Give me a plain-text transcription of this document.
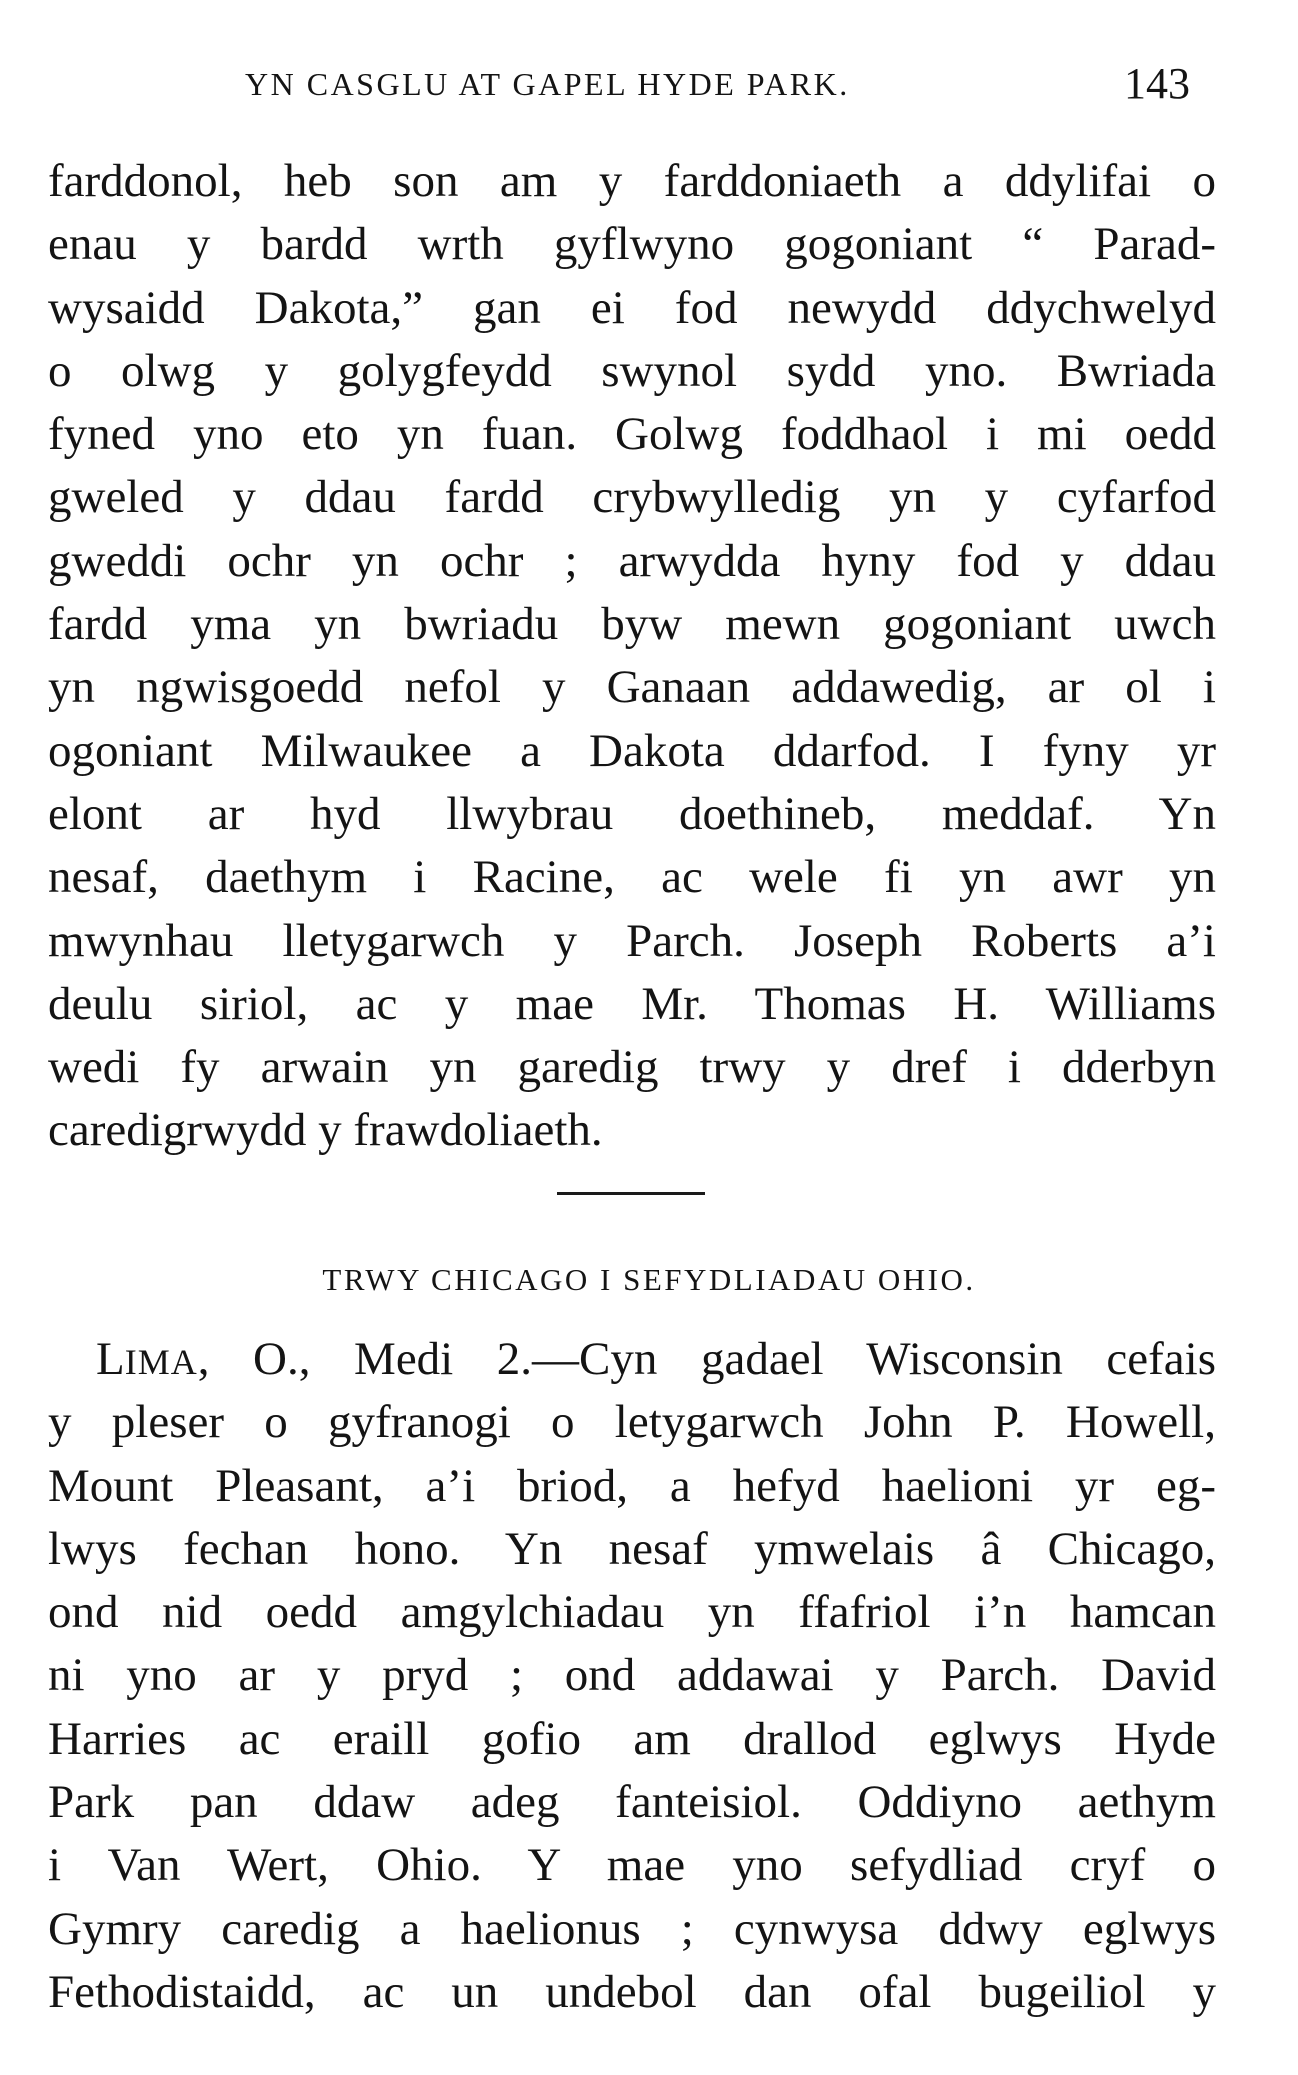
YN CASGLU AT GAPEL HYDE PARK.	143
farddonol, heb son am y farddoniaeth a ddylifai o
enau y bardd wrth gyflwyno gogoniant “ Parad-
wysaidd Dakota,” gan ei fod newydd ddychwelyd
o olwg y golygfeydd swynol sydd yno. Bwriada
fyned yno eto yn fuan. Golwg foddhaol i mi oedd
gweled y ddau fardd crybwylledig yn y cyfarfod
gweddi ochr yn ochr ; arwydda hyny fod y ddau
fardd yma yn bwriadu byw mewn gogoniant uwch
yn ngwisgoedd nefol y Ganaan addawedig, ar ol i
ogoniant Milwaukee a Dakota ddarfod. I fyny yr
elont ar hyd llwybrau doethineb, meddaf. Yn
nesaf, daethym i Racine, ac wele fi yn awr yn
mwynhau lletygarwch y Parch. Joseph Roberts a’i
deulu siriol, ac y mae Mr. Thomas H. Williams
wedi fy arwain yn garedig trwy y dref i dderbyn
caredigrwydd y frawdoliaeth.
TRWY CHICAGO I SEFYDLIADAU OHIO.
LIMA, O., Medi 2.—Cyn gadael Wisconsin cefais
y pleser o gyfranogi o letygarwch John P. Howell,
Mount Pleasant, a’i briod, a hefyd haelioni yr eg-
lwys fechan hono. Yn nesaf ymwelais â Chicago,
ond nid oedd amgylchiadau yn ffafriol i’n hamcan
ni yno ar y pryd ; ond addawai y Parch. David
Harries ac eraill gofio am drallod eglwys Hyde
Park pan ddaw adeg fanteisiol. Oddiyno aethym
i Van Wert, Ohio. Y mae yno sefydliad cryf o
Gymry caredig a haelionus ; cynwysa ddwy eglwys
Fethodistaidd, ac un undebol dan ofal bugeiliol y
